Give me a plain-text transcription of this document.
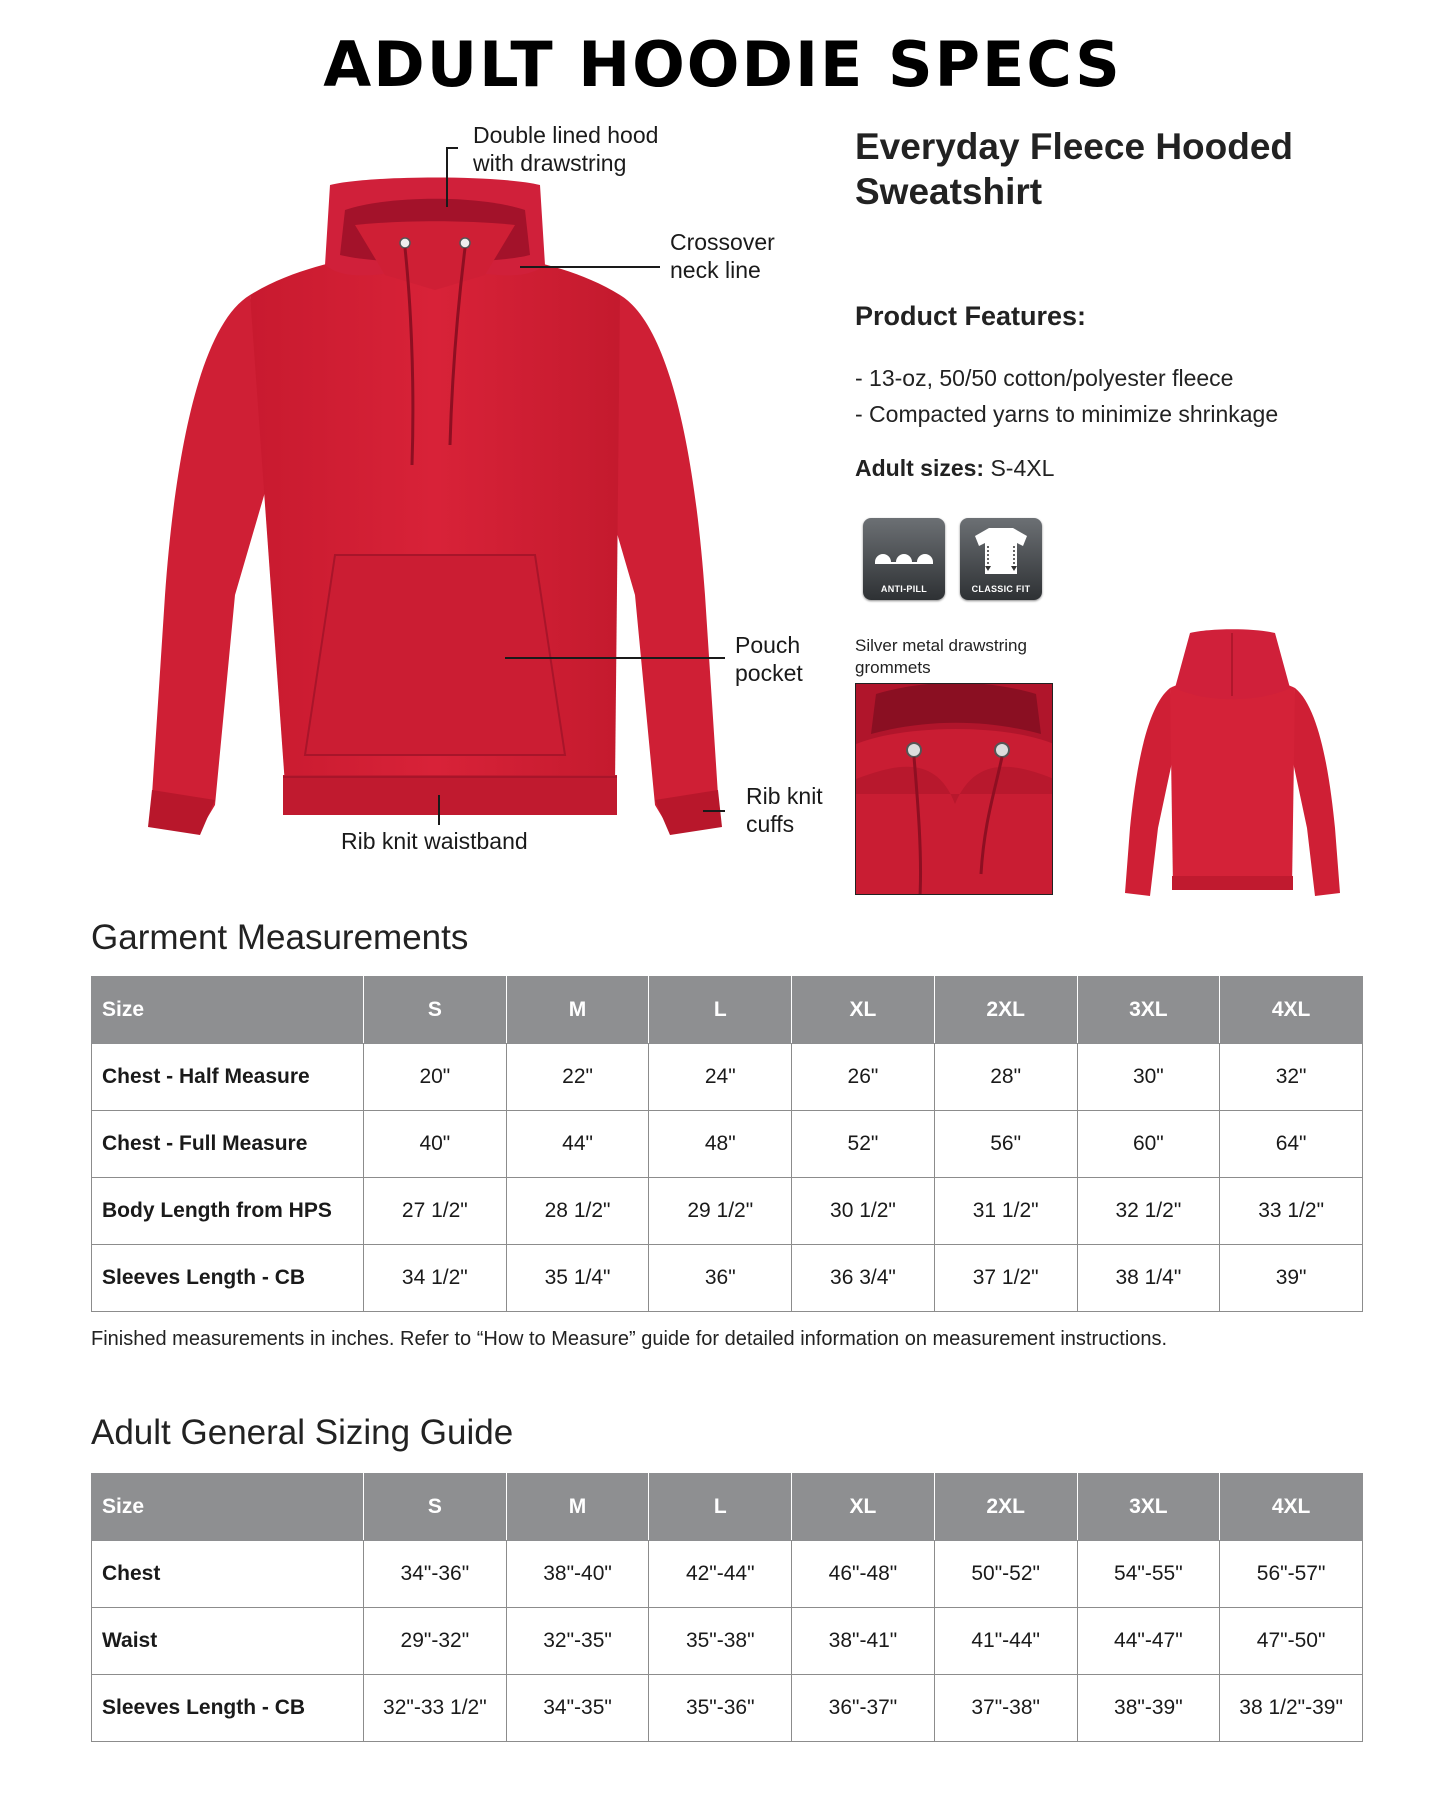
ADULT HOODIE SPECS
Double lined hood
with drawstring
Crossover
neck line
Pouch
pocket
Rib knit
cuffs
Rib knit waistband
Everyday Fleece Hooded
Sweatshirt
Product Features:
- 13-oz, 50/50 cotton/polyester fleece
- Compacted yarns to minimize shrinkage
Adult sizes: S-4XL
ANTI-PILL	CLASSIC FIT
Silver metal drawstring
grommets
Garment Measurements
Size	S	M	L	XL	2XL	3XL	4XL
Chest - Half Measure	20"	22"	24"	26"	28"	30"	32"
Chest - Full Measure	40"	44"	48"	52"	56"	60"	64"
Body Length from HPS	27 1/2"	28 1/2"	29 1/2"	30 1/2"	31 1/2"	32 1/2"	33 1/2"
Sleeves Length - CB	34 1/2"	35 1/4"	36"	36 3/4"	37 1/2"	38 1/4"	39"
Finished measurements in inches. Refer to “How to Measure” guide for detailed information on measurement instructions.
Adult General Sizing Guide
Size	S	M	L	XL	2XL	3XL	4XL
Chest	34"-36"	38"-40"	42"-44"	46"-48"	50"-52"	54"-55"	56"-57"
Waist	29"-32"	32"-35"	35"-38"	38"-41"	41"-44"	44"-47"	47"-50"
Sleeves Length - CB	32"-33 1/2"	34"-35"	35"-36"	36"-37"	37"-38"	38"-39"	38 1/2"-39"
